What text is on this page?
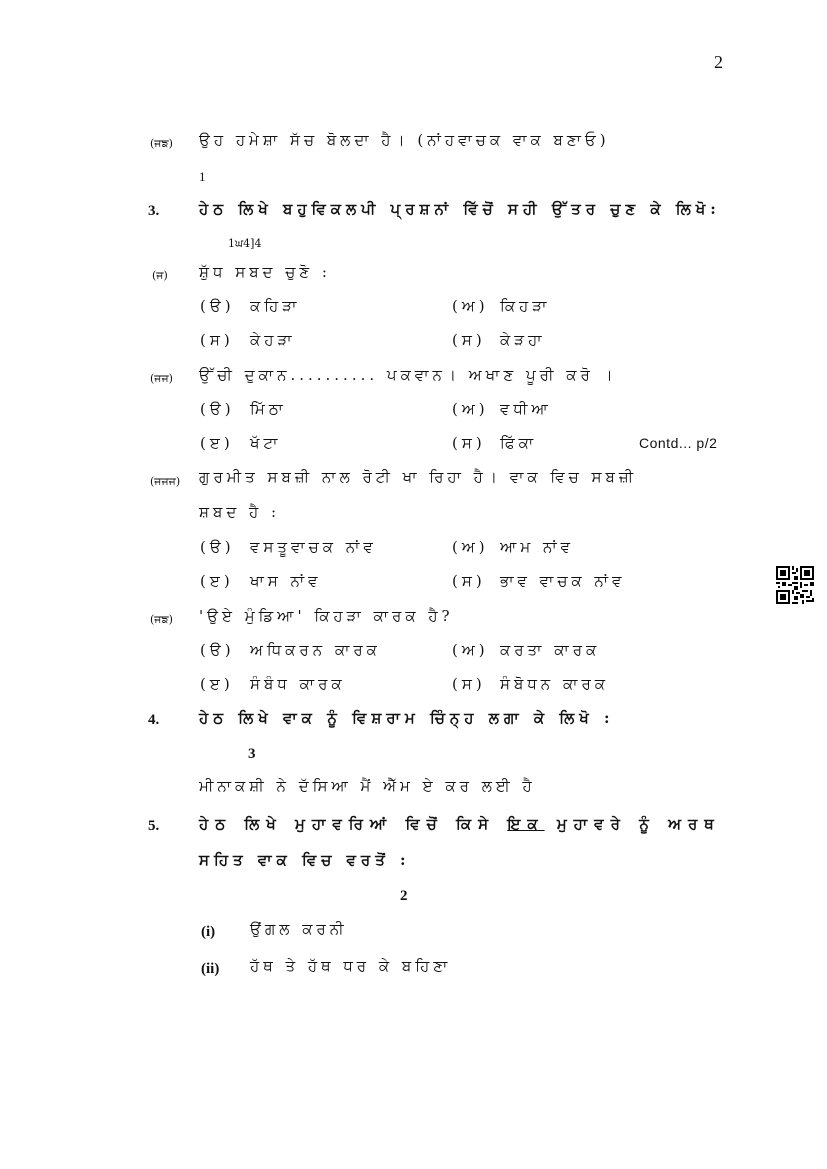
2
(ਜਙ) ਉਹ ਹਮੇਸ਼ਾ ਸੱਚ ਬੋਲਦਾ ਹੈ। (ਨਾਂਹਵਾਚਕ ਵਾਕ ਬਣਾਓ)
1
3.	ਹੇਠ ਲਿਖੇ ਬਹੁਵਿਕਲਪੀ ਪ੍ਰਸ਼ਨਾਂ ਵਿੱਚੋਂ ਸਹੀ ਉੱਤਰ ਚੁਣ ਕੇ ਲਿਖੋ:
1ਘ4]4
(ਜ) ਸ਼ੁੱਧ ਸਬਦ ਚੁਣੋ :
(ੳ) ਕਹਿੜਾ	(ਅ) ਕਿਹੜਾ
(ਸ) ਕੇਹੜਾ	(ਸ) ਕੇੜਹਾ
(ਜਜ) ਉੱਚੀ ਦੁਕਾਨ.......... ਪਕਵਾਨ। ਅਖਾਣ ਪੂਰੀ ਕਰੋ ।
(ੳ) ਮਿੱਠਾ	(ਅ) ਵਧੀਆ
(ੲ) ਖੱਟਾ	(ਸ) ਫਿੱਕਾ	Contd... p/2
(ਜਜਜ) ਗੁਰਮੀਤ ਸਬਜ਼ੀ ਨਾਲ ਰੋਟੀ ਖਾ ਰਿਹਾ ਹੈ। ਵਾਕ ਵਿਚ ਸਬਜ਼ੀ
ਸ਼ਬਦ ਹੈ :
(ੳ) ਵਸਤੂਵਾਚਕ ਨਾਂਵ	(ਅ) ਆਮ ਨਾਂਵ
(ੲ) ਖਾਸ ਨਾਂਵ	(ਸ) ਭਾਵ ਵਾਚਕ ਨਾਂਵ
(ਜਙ) 'ਉਏ ਮੁੰਡਿਆ' ਕਿਹੜਾ ਕਾਰਕ ਹੈ?
(ੳ) ਅਧਿਕਰਨ ਕਾਰਕ	(ਅ) ਕਰਤਾ ਕਾਰਕ
(ੲ) ਸੰਬੰਧ ਕਾਰਕ	(ਸ) ਸੰਬੋਧਨ ਕਾਰਕ
4.	ਹੇਠ ਲਿਖੇ ਵਾਕ ਨੂੰ ਵਿਸ਼ਰਾਮ ਚਿੰਨ੍ਹ ਲਗਾ ਕੇ ਲਿਖੋ :
3
ਮੀਨਾਕਸ਼ੀ ਨੇ ਦੱਸਿਆ ਮੈਂ ਐੱਮ ਏ ਕਰ ਲਈ ਹੈ
5.	ਹੇਠ ਲਿਖੇ ਮੁਹਾਵਰਿਆਂ ਵਿਚੋਂ ਕਿਸੇ ਇਕ ਮੁਹਾਵਰੇ ਨੂੰ ਅਰਥ
ਸਹਿਤ ਵਾਕ ਵਿਚ ਵਰਤੋਂ :
2
(i) ਉਂਗਲ ਕਰਨੀ
(ii) ਹੱਥ ਤੇ ਹੱਥ ਧਰ ਕੇ ਬਹਿਣਾ
